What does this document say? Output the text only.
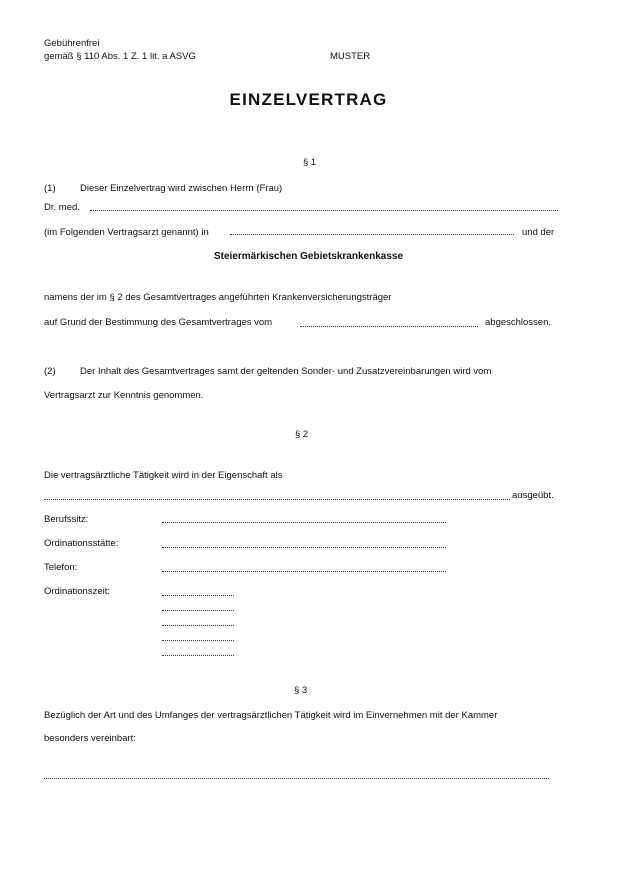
Gebührenfrei
gemäß § 110 Abs. 1 Z. 1 lit. a ASVG	MUSTER
EINZELVERTRAG
§ 1
(1)	Dieser Einzelvertrag wird zwischen Herrn (Frau)
Dr. med.
(im Folgenden Vertragsarzt genannt) in	und der
Steiermärkischen Gebietskrankenkasse
namens der im § 2 des Gesamtvertrages angeführten Krankenversicherungsträger
auf Grund der Bestimmung des Gesamtvertrages vom	abgeschlossen.
(2)	Der Inhalt des Gesamtvertrages samt der geltenden Sonder- und Zusatzvereinbarungen wird vom
Vertragsarzt zur Kenntnis genommen.
§ 2
Die vertragsärztliche Tätigkeit wird in der Eigenschaft als
ausgeübt.
Berufssitz:
Ordinationsstätte:
Telefon:
Ordinationszeit:
§ 3
Bezüglich der Art und des Umfanges der vertragsärztlichen Tätigkeit wird im Einvernehmen mit der Kammer
besonders vereinbart:
